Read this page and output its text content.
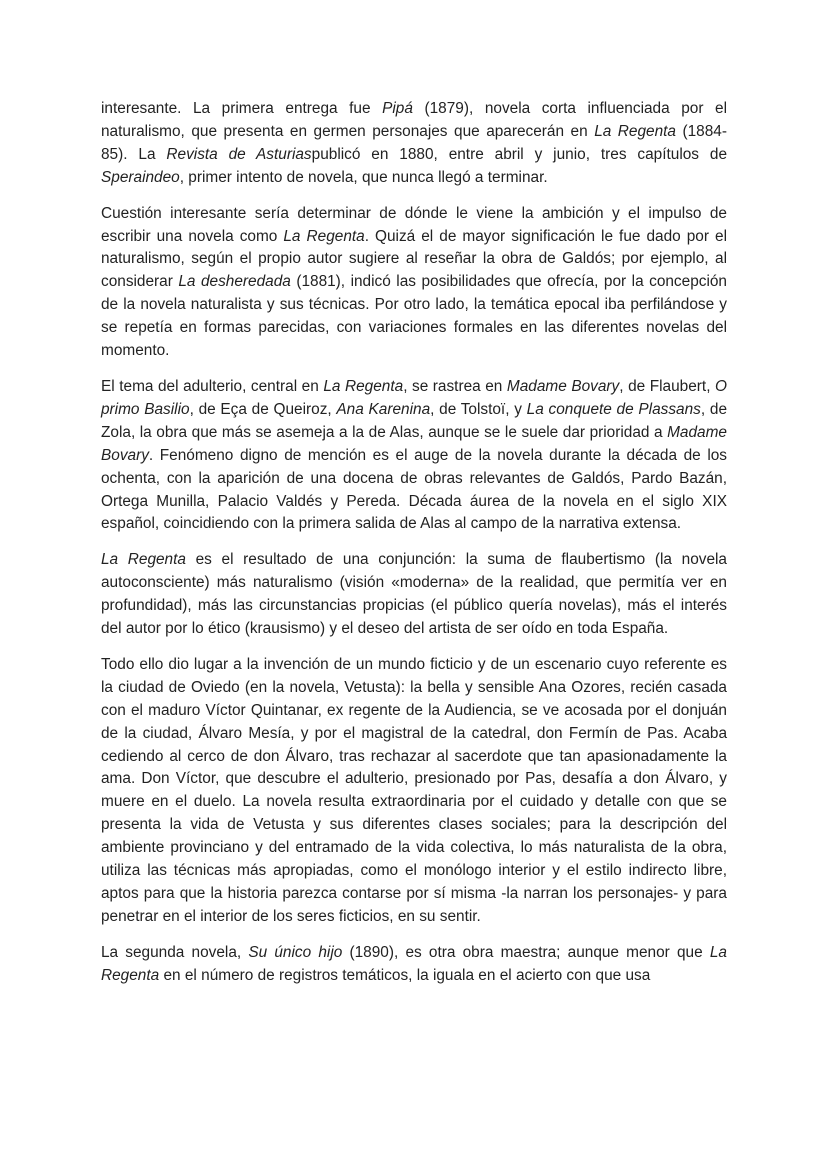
interesante. La primera entrega fue Pipá (1879), novela corta influenciada por el naturalismo, que presenta en germen personajes que aparecerán en La Regenta (1884-85). La Revista de Asturiaspublicó en 1880, entre abril y junio, tres capítulos de Speraindeo, primer intento de novela, que nunca llegó a terminar.

Cuestión interesante sería determinar de dónde le viene la ambición y el impulso de escribir una novela como La Regenta. Quizá el de mayor significación le fue dado por el naturalismo, según el propio autor sugiere al reseñar la obra de Galdós; por ejemplo, al considerar La desheredada (1881), indicó las posibilidades que ofrecía, por la concepción de la novela naturalista y sus técnicas. Por otro lado, la temática epocal iba perfilándose y se repetía en formas parecidas, con variaciones formales en las diferentes novelas del momento.

El tema del adulterio, central en La Regenta, se rastrea en Madame Bovary, de Flaubert, O primo Basilio, de Eça de Queiroz, Ana Karenina, de Tolstoï, y La conquete de Plassans, de Zola, la obra que más se asemeja a la de Alas, aunque se le suele dar prioridad a Madame Bovary. Fenómeno digno de mención es el auge de la novela durante la década de los ochenta, con la aparición de una docena de obras relevantes de Galdós, Pardo Bazán, Ortega Munilla, Palacio Valdés y Pereda. Década áurea de la novela en el siglo XIX español, coincidiendo con la primera salida de Alas al campo de la narrativa extensa.

La Regenta es el resultado de una conjunción: la suma de flaubertismo (la novela autoconsciente) más naturalismo (visión «moderna» de la realidad, que permitía ver en profundidad), más las circunstancias propicias (el público quería novelas), más el interés del autor por lo ético (krausismo) y el deseo del artista de ser oído en toda España.

Todo ello dio lugar a la invención de un mundo ficticio y de un escenario cuyo referente es la ciudad de Oviedo (en la novela, Vetusta): la bella y sensible Ana Ozores, recién casada con el maduro Víctor Quintanar, ex regente de la Audiencia, se ve acosada por el donjuán de la ciudad, Álvaro Mesía, y por el magistral de la catedral, don Fermín de Pas. Acaba cediendo al cerco de don Álvaro, tras rechazar al sacerdote que tan apasionadamente la ama. Don Víctor, que descubre el adulterio, presionado por Pas, desafía a don Álvaro, y muere en el duelo. La novela resulta extraordinaria por el cuidado y detalle con que se presenta la vida de Vetusta y sus diferentes clases sociales; para la descripción del ambiente provinciano y del entramado de la vida colectiva, lo más naturalista de la obra, utiliza las técnicas más apropiadas, como el monólogo interior y el estilo indirecto libre, aptos para que la historia parezca contarse por sí misma -la narran los personajes- y para penetrar en el interior de los seres ficticios, en su sentir.

La segunda novela, Su único hijo (1890), es otra obra maestra; aunque menor que La Regenta en el número de registros temáticos, la iguala en el acierto con que usa
